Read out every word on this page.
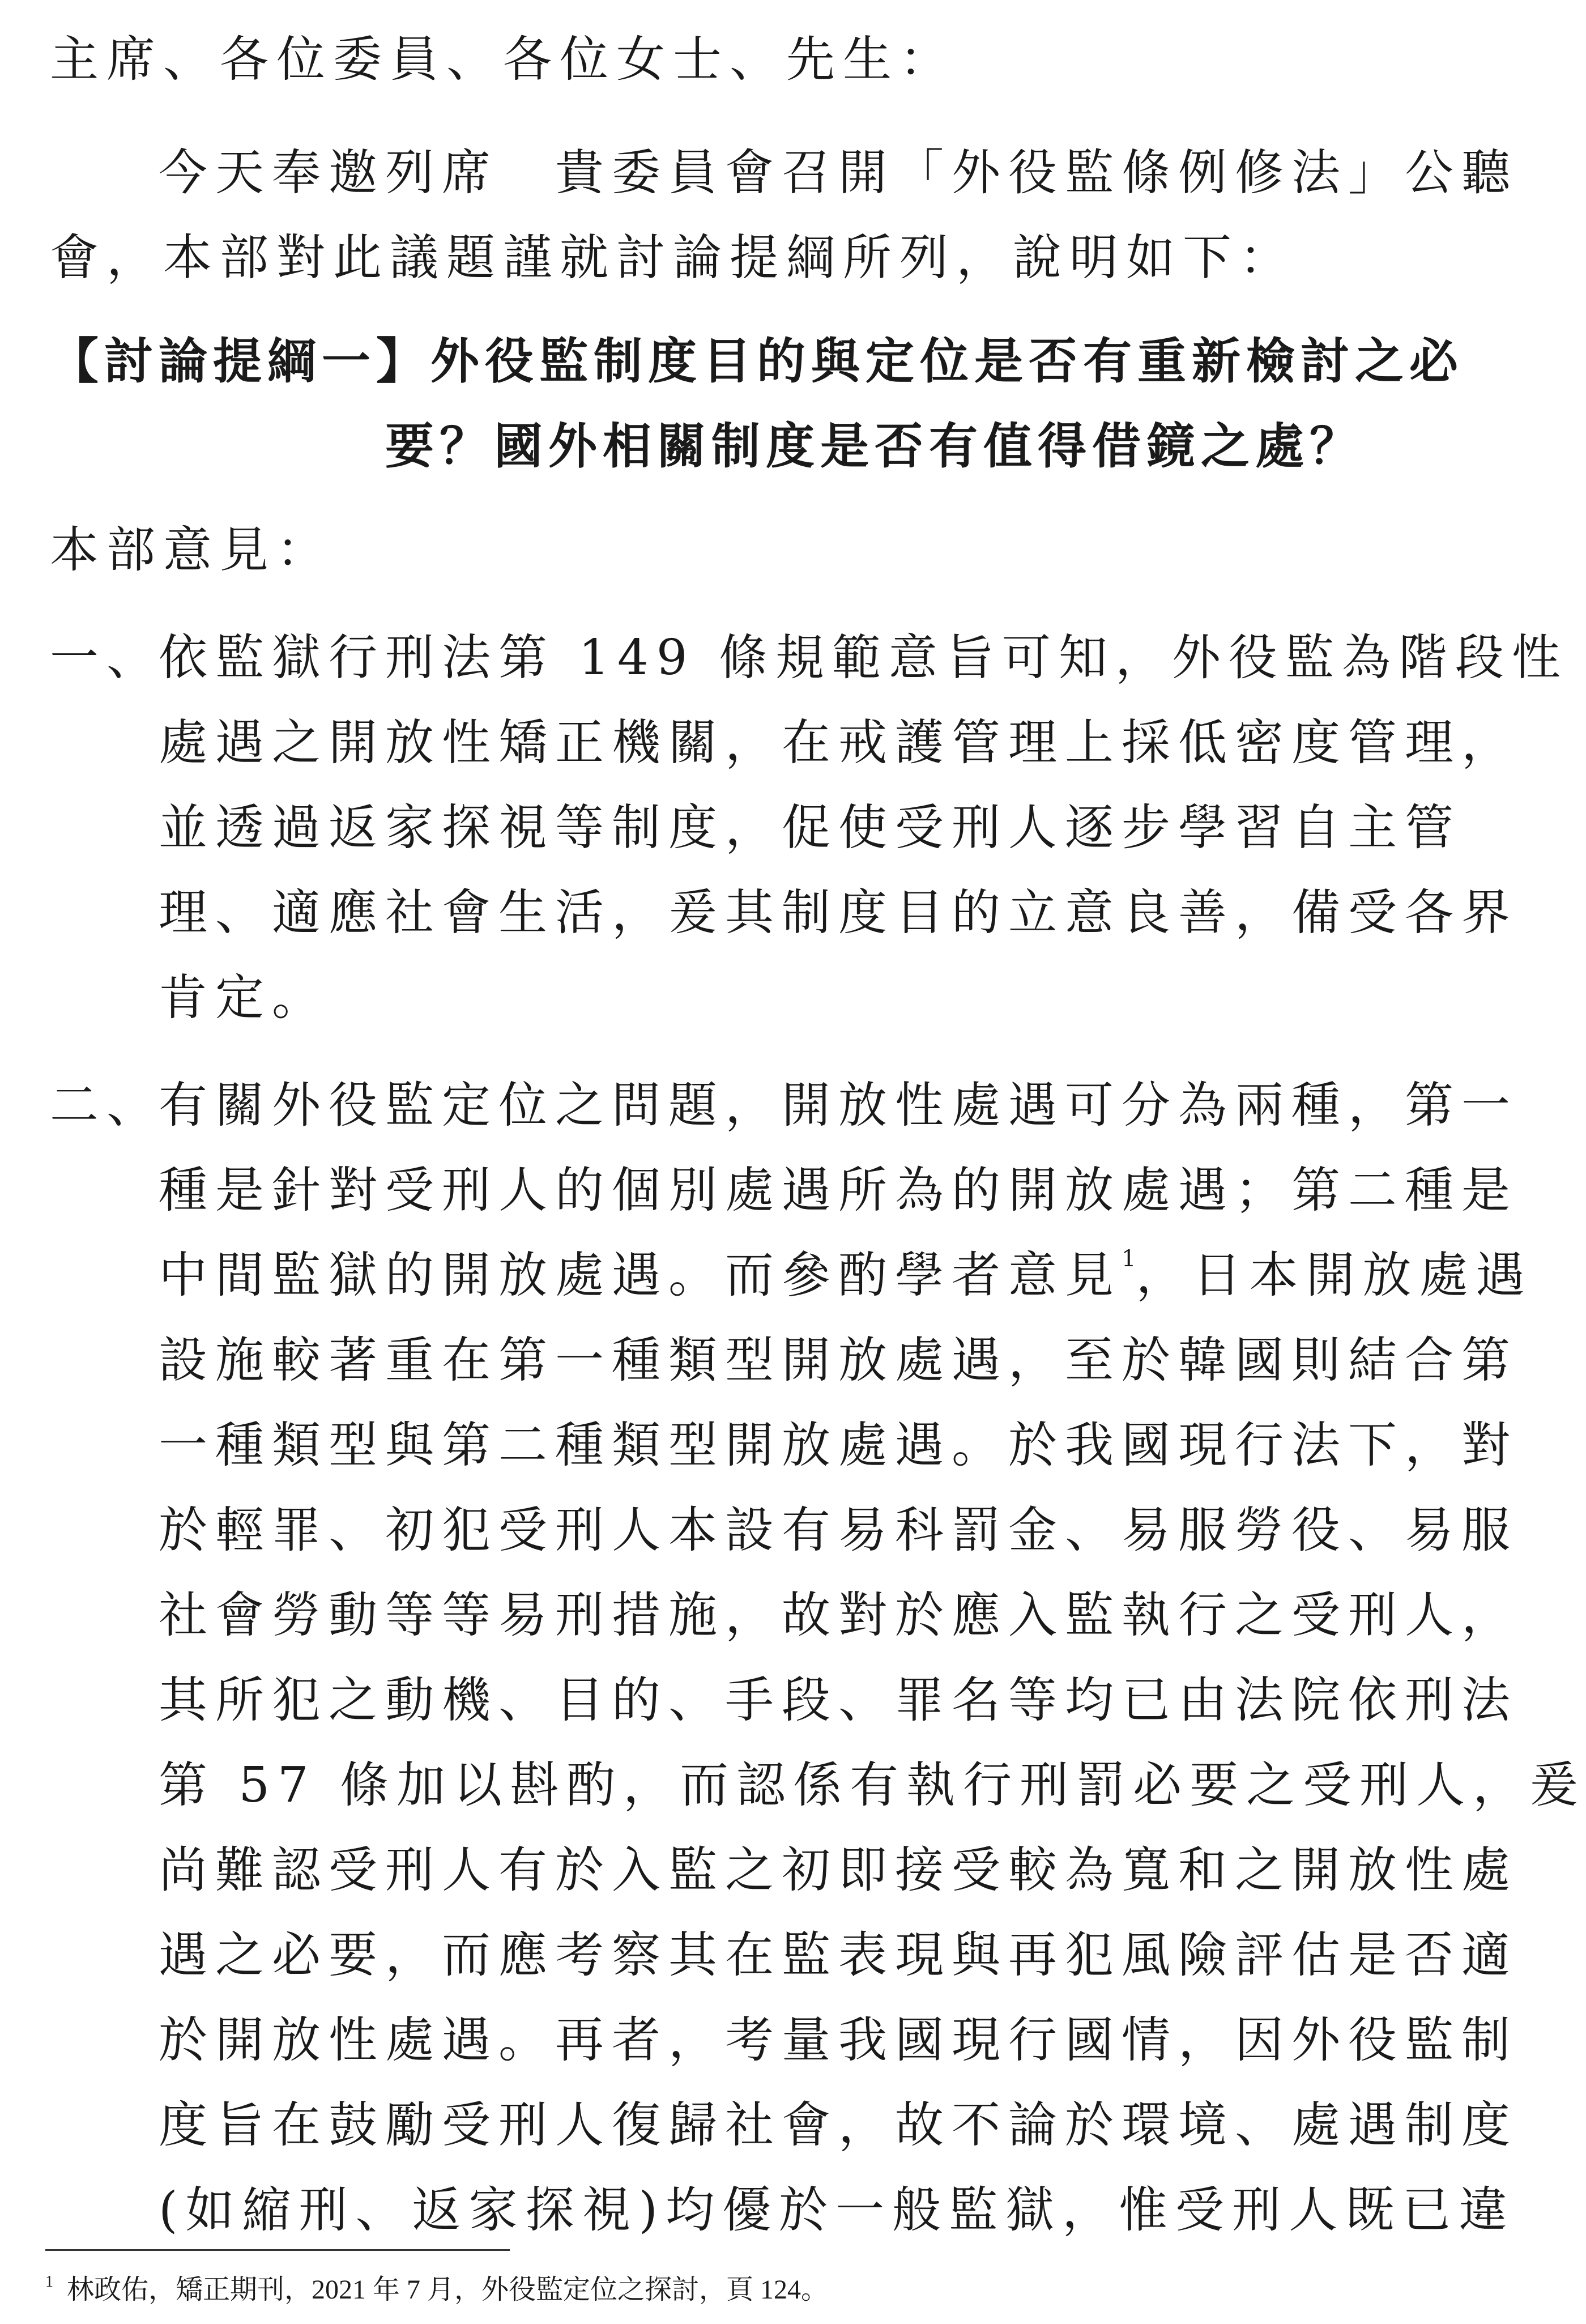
主席、各位委員、各位女士、先生：
今天奉邀列席　貴委員會召開「外役監條例修法」公聽
會，本部對此議題謹就討論提綱所列，說明如下：
【討論提綱一】外役監制度目的與定位是否有重新檢討之必
要？國外相關制度是否有值得借鏡之處？
本部意見：
一、
依監獄行刑法第 149 條規範意旨可知，外役監為階段性
處遇之開放性矯正機關，在戒護管理上採低密度管理，
並透過返家探視等制度，促使受刑人逐步學習自主管
理、適應社會生活，爰其制度目的立意良善，備受各界
肯定。
二、
有關外役監定位之問題，開放性處遇可分為兩種，第一
種是針對受刑人的個別處遇所為的開放處遇；第二種是
中間監獄的開放處遇。而參酌學者意見$^1$，日本開放處遇
設施較著重在第一種類型開放處遇，至於韓國則結合第
一種類型與第二種類型開放處遇。於我國現行法下，對
於輕罪、初犯受刑人本設有易科罰金、易服勞役、易服
社會勞動等等易刑措施，故對於應入監執行之受刑人，
其所犯之動機、目的、手段、罪名等均已由法院依刑法
第 57 條加以斟酌，而認係有執行刑罰必要之受刑人，爰
尚難認受刑人有於入監之初即接受較為寬和之開放性處
遇之必要，而應考察其在監表現與再犯風險評估是否適
於開放性處遇。再者，考量我國現行國情，因外役監制
度旨在鼓勵受刑人復歸社會，故不論於環境、處遇制度
(如縮刑、返家探視)均優於一般監獄，惟受刑人既已違
$^1$ 林政佑，矯正期刊，2021 年 7 月，外役監定位之探討，頁 124。
